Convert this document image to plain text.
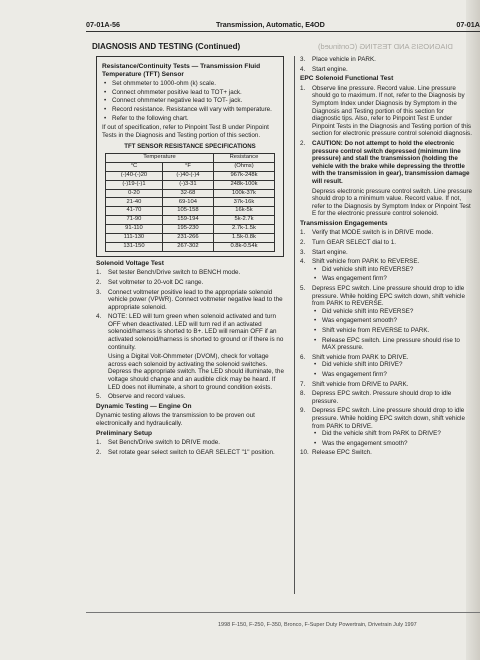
07-01A-56	Transmission, Automatic, E4OD	07-01A
DIAGNOSIS AND TESTING (Continued)	DIAGNOSIS AND TESTING (Continued)
Resistance/Continuity Tests — Transmission Fluid Temperature (TFT) Sensor
• Set ohmmeter to 1000-ohm (k) scale.
• Connect ohmmeter positive lead to TOT+ jack.
• Connect ohmmeter negative lead to TOT- jack.
• Record resistance. Resistance will vary with temperature.
• Refer to the following chart.
If out of specification, refer to Pinpoint Test B under Pinpoint Tests in the Diagnosis and Testing portion of this section.
TFT SENSOR RESISTANCE SPECIFICATIONS
Temperature		Resistance
°C	°F	(Ohms)
(-)40-(-)20	(-)40-(-)4	967k-248k
(-)19-(-)1	(-)3-31	248k-100k
0-20	32-68	100k-37k
21-40	69-104	37k-16k
41-70	105-158	16k-5k
71-90	159-194	5k-2.7k
91-110	195-230	2.7k-1.5k
111-130	231-266	1.5k-0.8k
131-150	267-302	0.8k-0.54k
Solenoid Voltage Test
1. Set tester Bench/Drive switch to BENCH mode.
2. Set voltmeter to 20-volt DC range.
3. Connect voltmeter positive lead to the appropriate solenoid vehicle power (VPWR). Connect voltmeter negative lead to the appropriate solenoid.
4. NOTE: LED will turn green when solenoid activated and turn OFF when deactivated. LED will turn red if an activated solenoid/harness is shorted to B+. LED will remain OFF if an activated solenoid/harness is shorted to ground or if there is no continuity.
Using a Digital Volt-Ohmmeter (DVOM), check for voltage across each solenoid by activating the solenoid switches. Depress the appropriate switch. The LED should illuminate, the voltage should change and an audible click may be heard. If LED does not illuminate, a short to ground condition exists.
5. Observe and record values.
Dynamic Testing — Engine On
Dynamic testing allows the transmission to be proven out electronically and hydraulically.
Preliminary Setup
1. Set Bench/Drive switch to DRIVE mode.
2. Set rotate gear select switch to GEAR SELECT "1" position.
3. Place vehicle in PARK.
4. Start engine.
EPC Solenoid Functional Test
1. Observe line pressure. Record value. Line pressure should go to maximum. If not, refer to the Diagnosis by Symptom Index under Diagnosis by Symptom in the Diagnosis and Testing portion of this section for diagnostic tips. Also, refer to Pinpoint Test E under Pinpoint Tests in the Diagnosis and Testing portion of this section for electronic pressure control solenoid diagnosis.
2. CAUTION: Do not attempt to hold the electronic pressure control switch depressed (minimum line pressure) and stall the transmission (holding the vehicle with the brake while depressing the throttle with the transmission in gear), transmission damage will result.
Depress electronic pressure control switch. Line pressure should drop to a minimum value. Record value. If not, refer to the Diagnosis by Symptom Index or Pinpoint Test E for the electronic pressure control solenoid.
Transmission Engagements
1. Verify that MODE switch is in DRIVE mode.
2. Turn GEAR SELECT dial to 1.
3. Start engine.
4. Shift vehicle from PARK to REVERSE.
• Did vehicle shift into REVERSE?
• Was engagement firm?
5. Depress EPC switch. Line pressure should drop to idle pressure. While holding EPC switch down, shift vehicle from PARK to REVERSE.
• Did vehicle shift into REVERSE?
• Was engagement smooth?
• Shift vehicle from REVERSE to PARK.
• Release EPC switch. Line pressure should rise to MAX pressure.
6. Shift vehicle from PARK to DRIVE.
• Did vehicle shift into DRIVE?
• Was engagement firm?
7. Shift vehicle from DRIVE to PARK.
8. Depress EPC switch. Pressure should drop to idle pressure.
9. Depress EPC switch. Line pressure should drop to idle pressure. While holding EPC switch down, shift vehicle from PARK to DRIVE.
• Did the vehicle shift from PARK to DRIVE?
• Was the engagement smooth?
10. Release EPC Switch.
1998 F-150, F-250, F-350, Bronco, F-Super Duty Powertrain, Drivetrain July 1997
